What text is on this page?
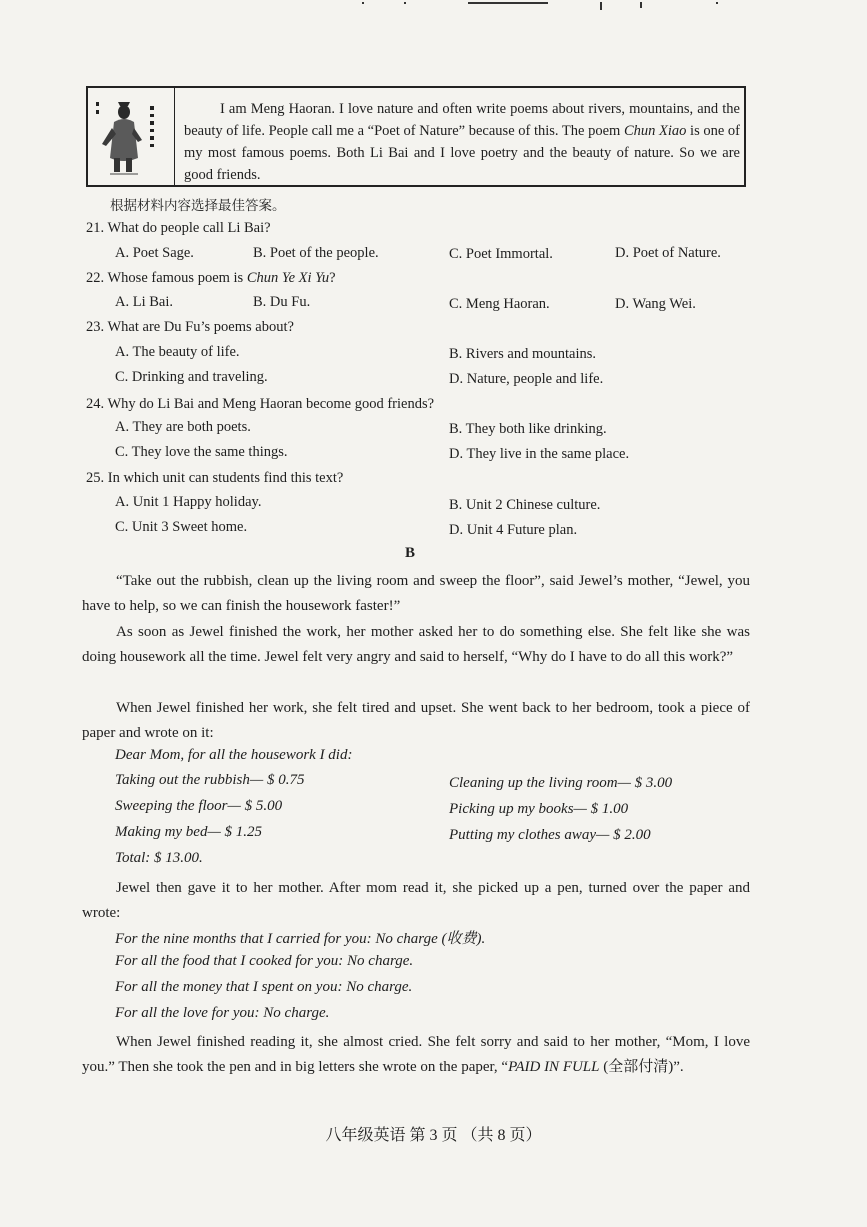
I am Meng Haoran. I love nature and often write poems about rivers, mountains, and the beauty of life. People call me a “Poet of Nature” because of this. The poem Chun Xiao is one of my most famous poems. Both Li Bai and I love poetry and the beauty of nature. So we are good friends.
根据材料内容选择最佳答案。
21. What do people call Li Bai?
A. Poet Sage.	B. Poet of the people.	C. Poet Immortal.	D. Poet of Nature.
22. Whose famous poem is Chun Ye Xi Yu?
A. Li Bai.	B. Du Fu.	C. Meng Haoran.	D. Wang Wei.
23. What are Du Fu’s poems about?
A. The beauty of life.	B. Rivers and mountains.
C. Drinking and traveling.	D. Nature, people and life.
24. Why do Li Bai and Meng Haoran become good friends?
A. They are both poets.	B. They both like drinking.
C. They love the same things.	D. They live in the same place.
25. In which unit can students find this text?
A. Unit 1 Happy holiday.	B. Unit 2 Chinese culture.
C. Unit 3 Sweet home.	D. Unit 4 Future plan.
B
“Take out the rubbish, clean up the living room and sweep the floor”, said Jewel’s mother, “Jewel, you have to help, so we can finish the housework faster!”
As soon as Jewel finished the work, her mother asked her to do something else. She felt like she was doing housework all the time. Jewel felt very angry and said to herself, “Why do I have to do all this work?”
When Jewel finished her work, she felt tired and upset. She went back to her bedroom, took a piece of paper and wrote on it:
Dear Mom, for all the housework I did:
Taking out the rubbish— $ 0.75	Cleaning up the living room— $ 3.00
Sweeping the floor— $ 5.00	Picking up my books— $ 1.00
Making my bed— $ 1.25	Putting my clothes away— $ 2.00
Total: $ 13.00.
Jewel then gave it to her mother. After mom read it, she picked up a pen, turned over the paper and wrote:
For the nine months that I carried for you: No charge (收费).
For all the food that I cooked for you: No charge.
For all the money that I spent on you: No charge.
For all the love for you: No charge.
When Jewel finished reading it, she almost cried. She felt sorry and said to her mother, “Mom, I love you.” Then she took the pen and in big letters she wrote on the paper, “PAID IN FULL (全部付清)”.
八年级英语 第 3 页 （共 8 页）
